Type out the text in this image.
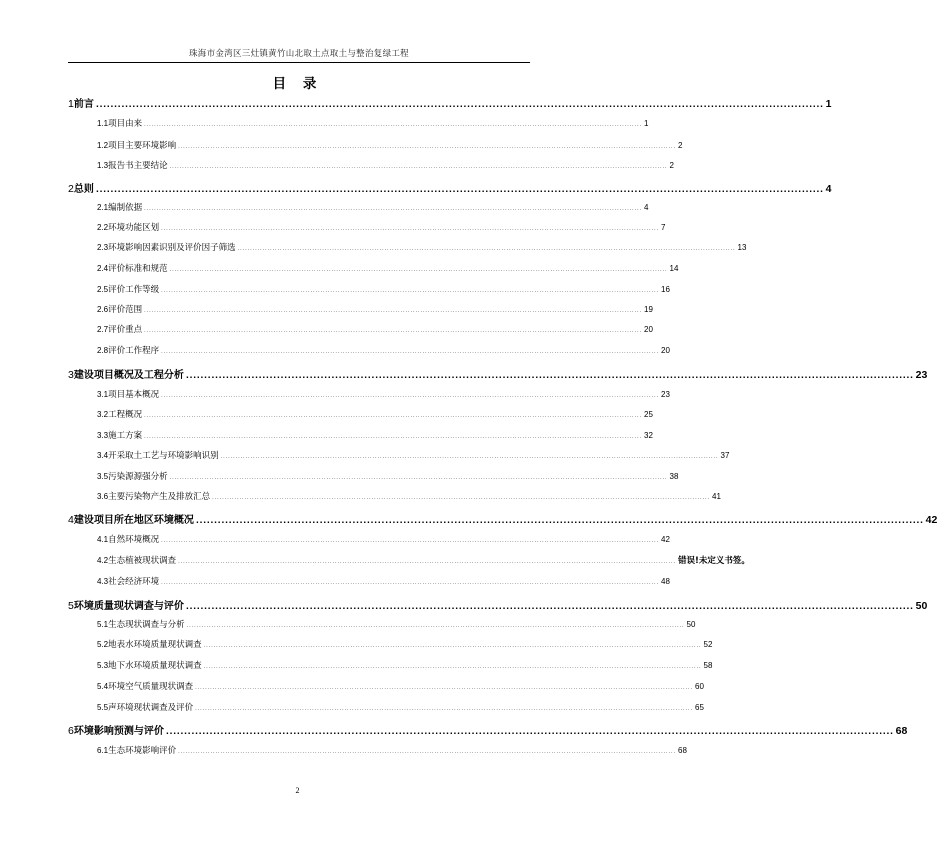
珠海市金湾区三灶镇黄竹山北取土点取土与整治复绿工程
目 录
1 前言 ........................................................................................................................................................................................................ 1
1.1 项目由来 ........................................................................................................................................................................................................ 1
1.2 项目主要环境影响 ........................................................................................................................................................................................................ 2
1.3 报告书主要结论 ........................................................................................................................................................................................................ 2
2 总则 ........................................................................................................................................................................................................ 4
2.1 编制依据 ........................................................................................................................................................................................................ 4
2.2 环境功能区划 ........................................................................................................................................................................................................ 7
2.3 环境影响因素识别及评价因子筛选 ........................................................................................................................................................................................................ 13
2.4 评价标准和规范 ........................................................................................................................................................................................................ 14
2.5 评价工作等级 ........................................................................................................................................................................................................ 16
2.6 评价范围 ........................................................................................................................................................................................................ 19
2.7 评价重点 ........................................................................................................................................................................................................ 20
2.8 评价工作程序 ........................................................................................................................................................................................................ 20
3 建设项目概况及工程分析 ........................................................................................................................................................................................................ 23
3.1 项目基本概况 ........................................................................................................................................................................................................ 23
3.2 工程概况 ........................................................................................................................................................................................................ 25
3.3 施工方案 ........................................................................................................................................................................................................ 32
3.4 开采取土工艺与环境影响识别 ........................................................................................................................................................................................................ 37
3.5 污染源源强分析 ........................................................................................................................................................................................................ 38
3.6 主要污染物产生及排放汇总 ........................................................................................................................................................................................................ 41
4 建设项目所在地区环境概况 ........................................................................................................................................................................................................ 42
4.1 自然环境概况 ........................................................................................................................................................................................................ 42
4.2 生态植被现状调查 ........................................................................................................................................................................................................ 错误!未定义书签。
4.3 社会经济环境 ........................................................................................................................................................................................................ 48
5 环境质量现状调查与评价 ........................................................................................................................................................................................................ 50
5.1 生态现状调查与分析 ........................................................................................................................................................................................................ 50
5.2 地表水环境质量现状调查 ........................................................................................................................................................................................................ 52
5.3 地下水环境质量现状调查 ........................................................................................................................................................................................................ 58
5.4 环境空气质量现状调查 ........................................................................................................................................................................................................ 60
5.5 声环境现状调查及评价 ........................................................................................................................................................................................................ 65
6 环境影响预测与评价 ........................................................................................................................................................................................................ 68
6.1 生态环境影响评价 ........................................................................................................................................................................................................ 68
2
